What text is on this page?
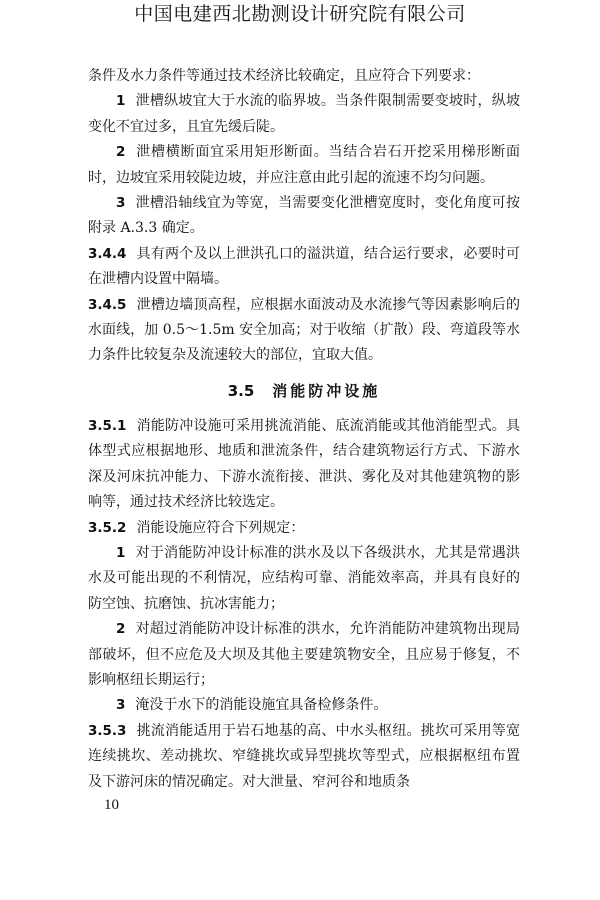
中国电建西北勘测设计研究院有限公司

条件及水力条件等通过技术经济比较确定，且应符合下列要求：

1 泄槽纵坡宜大于水流的临界坡。当条件限制需要变坡时，纵坡变化不宜过多，且宜先缓后陡。

2 泄槽横断面宜采用矩形断面。当结合岩石开挖采用梯形断面时，边坡宜采用较陡边坡，并应注意由此引起的流速不均匀问题。

3 泄槽沿轴线宜为等宽，当需要变化泄槽宽度时，变化角度可按附录 A.3.3 确定。

3.4.4 具有两个及以上泄洪孔口的溢洪道，结合运行要求，必要时可在泄槽内设置中隔墙。

3.4.5 泄槽边墙顶高程，应根据水面波动及水流掺气等因素影响后的水面线，加 0.5～1.5m 安全加高；对于收缩（扩散）段、弯道段等水力条件比较复杂及流速较大的部位，宜取大值。

3.5 消能防冲设施

3.5.1 消能防冲设施可采用挑流消能、底流消能或其他消能型式。具体型式应根据地形、地质和泄流条件，结合建筑物运行方式、下游水深及河床抗冲能力、下游水流衔接、泄洪、雾化及对其他建筑物的影响等，通过技术经济比较选定。

3.5.2 消能设施应符合下列规定：

1 对于消能防冲设计标准的洪水及以下各级洪水，尤其是常遇洪水及可能出现的不利情况，应结构可靠、消能效率高，并具有良好的防空蚀、抗磨蚀、抗冰害能力；

2 对超过消能防冲设计标准的洪水，允许消能防冲建筑物出现局部破坏，但不应危及大坝及其他主要建筑物安全，且应易于修复，不影响枢纽长期运行；

3 淹没于水下的消能设施宜具备检修条件。

3.5.3 挑流消能适用于岩石地基的高、中水头枢纽。挑坎可采用等宽连续挑坎、差动挑坎、窄缝挑坎或异型挑坎等型式，应根据枢纽布置及下游河床的情况确定。对大泄量、窄河谷和地质条

10
